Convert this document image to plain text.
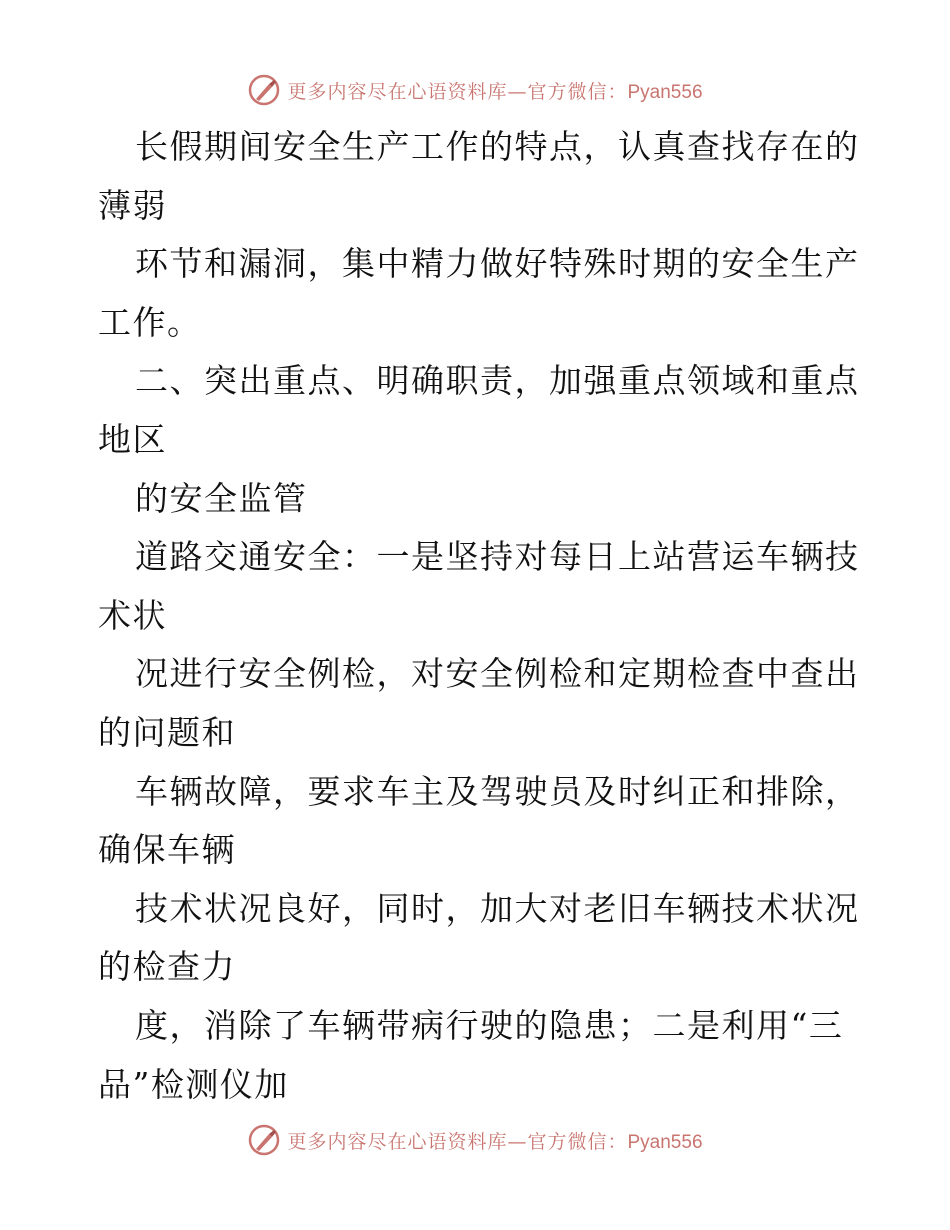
更多内容尽在心语资料库—官方微信：Pyan556
长假期间安全生产工作的特点，认真查找存在的
薄弱
环节和漏洞，集中精力做好特殊时期的安全生产
工作。
二、突出重点、明确职责，加强重点领域和重点
地区
的安全监管
道路交通安全：一是坚持对每日上站营运车辆技
术状
况进行安全例检，对安全例检和定期检查中查出
的问题和
车辆故障，要求车主及驾驶员及时纠正和排除，
确保车辆
技术状况良好，同时，加大对老旧车辆技术状况
的检查力
度，消除了车辆带病行驶的隐患；二是利用“三
品”检测仪加
更多内容尽在心语资料库—官方微信：Pyan556
